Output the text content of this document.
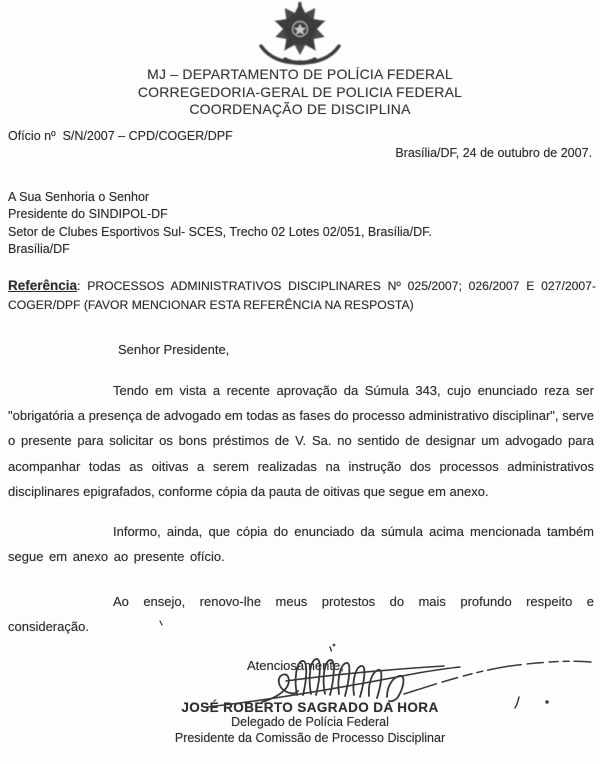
MJ – DEPARTAMENTO DE POLÍCIA FEDERAL
CORREGEDORIA-GERAL DE POLICIA FEDERAL
COORDENAÇÃO DE DISCIPLINA
Ofício nº  S/N/2007 – CPD/COGER/DPF
Brasília/DF, 24 de outubro de 2007.
A Sua Senhoria o Senhor
Presidente do SINDIPOL-DF
Setor de Clubes Esportivos Sul- SCES, Trecho 02 Lotes 02/051, Brasília/DF.
Brasília/DF

Referência: PROCESSOS ADMINISTRATIVOS DISCIPLINARES Nº 025/2007; 026/2007 E 027/2007- COGER/DPF (FAVOR MENCIONAR ESTA REFERÊNCIA NA RESPOSTA)

Senhor Presidente,

Tendo em vista a recente aprovação da Súmula 343, cujo enunciado reza ser "obrigatória a presença de advogado em todas as fases do processo administrativo disciplinar", serve o presente para solicitar os bons préstimos de V. Sa. no sentido de designar um advogado para acompanhar todas as oitivas a serem realizadas na instrução dos processos administrativos disciplinares epigrafados, conforme cópia da pauta de oitivas que segue em anexo.

Informo, ainda, que cópia do enunciado da súmula acima mencionada também segue em anexo ao presente ofício.

Ao ensejo, renovo-lhe meus protestos do mais profundo respeito e consideração.

Atenciosamente,
JOSÉ ROBERTO SAGRADO DA HORA
Delegado de Polícia Federal
Presidente da Comissão de Processo Disciplinar
